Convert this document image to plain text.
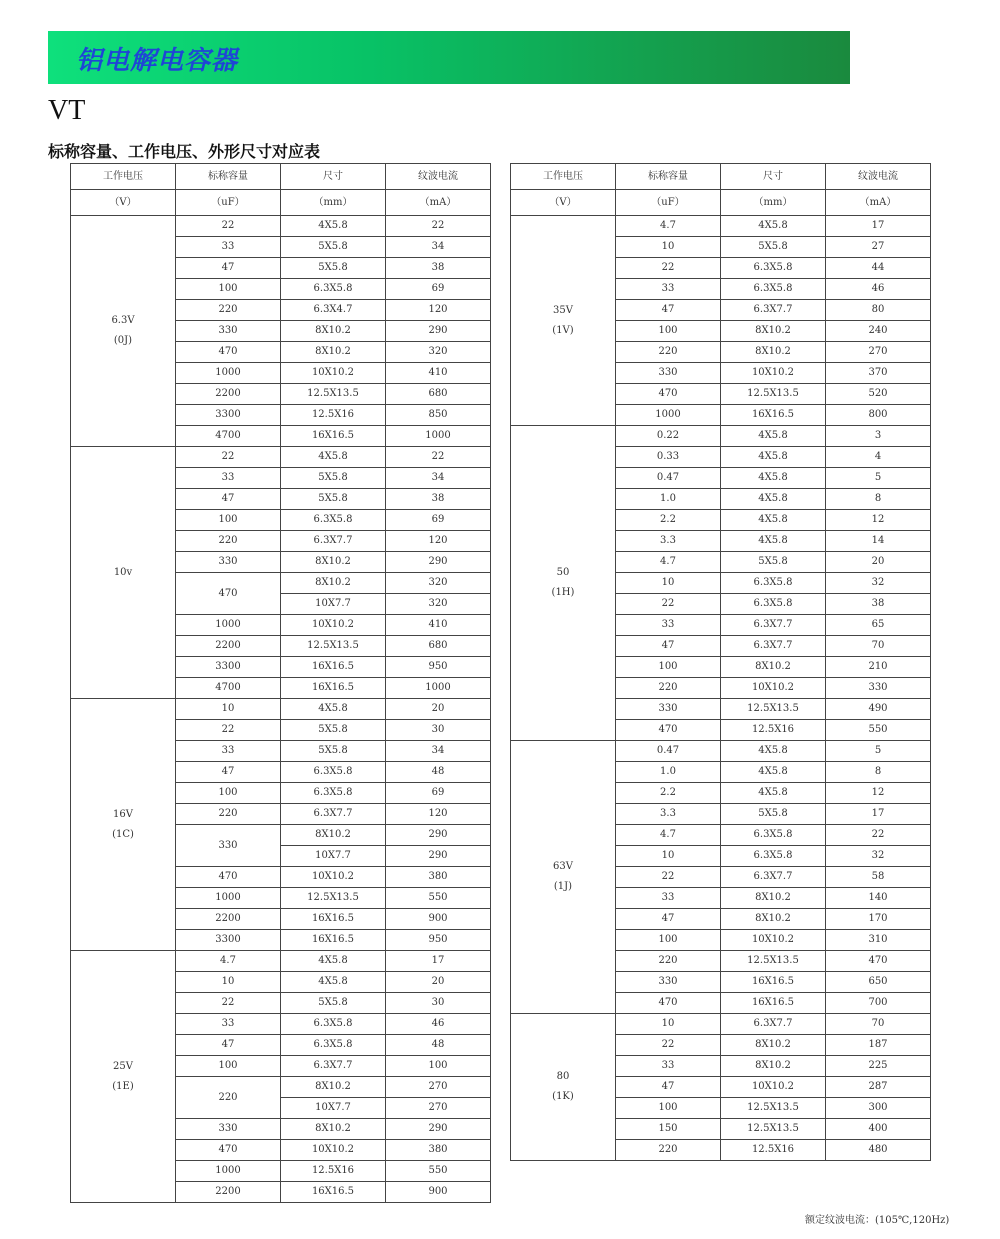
铝电解电容器
VT
标称容量、工作电压、外形尺寸对应表
工作电压	标称容量	尺寸	纹波电流
（V）	（uF）	（mm）	（mA）

6.3V
(0J)	22	4X5.8	22
	33	5X5.8	34
	47	5X5.8	38
	100	6.3X5.8	69
	220	6.3X4.7	120
	330	8X10.2	290
	470	8X10.2	320
	1000	10X10.2	410
	2200	12.5X13.5	680
	3300	12.5X16	850
	4700	16X16.5	1000

10v	22	4X5.8	22
	33	5X5.8	34
	47	5X5.8	38
	100	6.3X5.8	69
	220	6.3X7.7	120
	330	8X10.2	290
	470	8X10.2	320
		10X7.7	320
	1000	10X10.2	410
	2200	12.5X13.5	680
	3300	16X16.5	950
	4700	16X16.5	1000

16V
(1C)	10	4X5.8	20
	22	5X5.8	30
	33	5X5.8	34
	47	6.3X5.8	48
	100	6.3X5.8	69
	220	6.3X7.7	120
	330	8X10.2	290
		10X7.7	290
	470	10X10.2	380
	1000	12.5X13.5	550
	2200	16X16.5	900
	3300	16X16.5	950

25V
(1E)	4.7	4X5.8	17
	10	4X5.8	20
	22	5X5.8	30
	33	6.3X5.8	46
	47	6.3X5.8	48
	100	6.3X7.7	100
	220	8X10.2	270
		10X7.7	270
	330	8X10.2	290
	470	10X10.2	380
	1000	12.5X16	550
	2200	16X16.5	900
工作电压	标称容量	尺寸	纹波电流
（V）	（uF）	（mm）	（mA）

35V
(1V)	4.7	4X5.8	17
	10	5X5.8	27
	22	6.3X5.8	44
	33	6.3X5.8	46
	47	6.3X7.7	80
	100	8X10.2	240
	220	8X10.2	270
	330	10X10.2	370
	470	12.5X13.5	520
	1000	16X16.5	800

50
(1H)	0.22	4X5.8	3
	0.33	4X5.8	4
	0.47	4X5.8	5
	1.0	4X5.8	8
	2.2	4X5.8	12
	3.3	4X5.8	14
	4.7	5X5.8	20
	10	6.3X5.8	32
	22	6.3X5.8	38
	33	6.3X7.7	65
	47	6.3X7.7	70
	100	8X10.2	210
	220	10X10.2	330
	330	12.5X13.5	490
	470	12.5X16	550

63V
(1J)	0.47	4X5.8	5
	1.0	4X5.8	8
	2.2	4X5.8	12
	3.3	5X5.8	17
	4.7	6.3X5.8	22
	10	6.3X5.8	32
	22	6.3X7.7	58
	33	8X10.2	140
	47	8X10.2	170
	100	10X10.2	310
	220	12.5X13.5	470
	330	16X16.5	650
	470	16X16.5	700

80
(1K)	10	6.3X7.7	70
	22	8X10.2	187
	33	8X10.2	225
	47	10X10.2	287
	100	12.5X13.5	300
	150	12.5X13.5	400
	220	12.5X16	480
额定纹波电流：(105℃,120Hz)
